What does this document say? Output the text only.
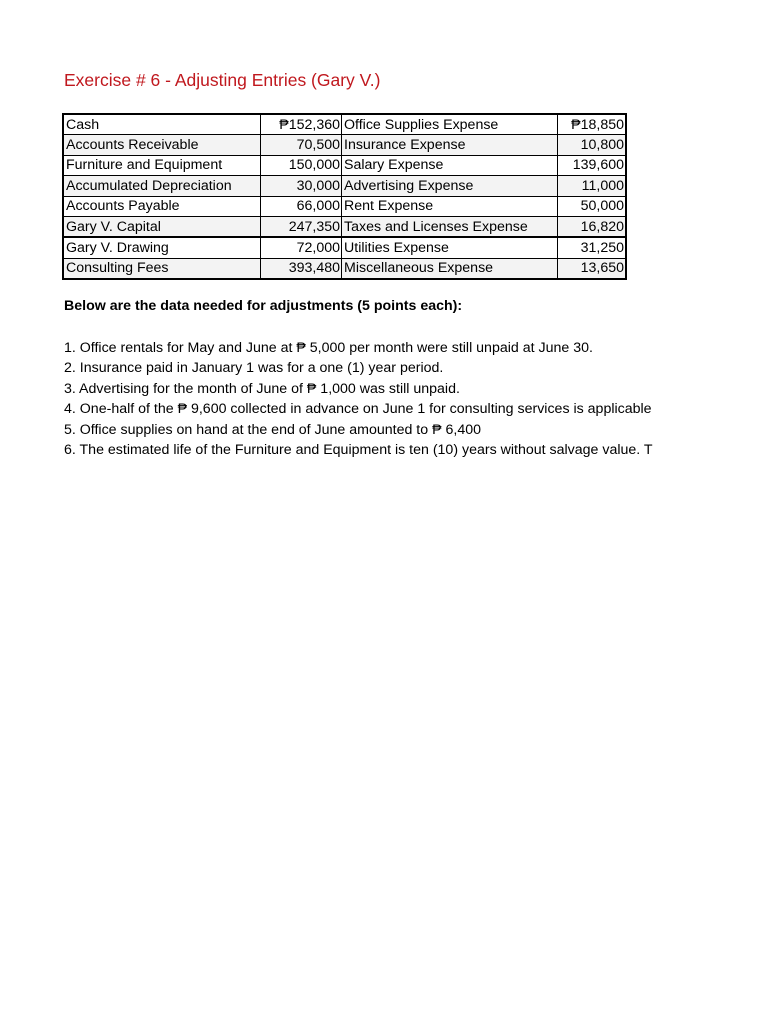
Exercise # 6 - Adjusting Entries (Gary V.)
Cash	₱152,360	Office Supplies Expense	₱18,850
Accounts Receivable	70,500	Insurance Expense	10,800
Furniture and Equipment	150,000	Salary Expense	139,600
Accumulated Depreciation	30,000	Advertising Expense	11,000
Accounts Payable	66,000	Rent Expense	50,000
Gary V. Capital	247,350	Taxes and Licenses Expense	16,820
Gary V. Drawing	72,000	Utilities Expense	31,250
Consulting Fees	393,480	Miscellaneous Expense	13,650
Below are the data needed for adjustments (5 points each):
1. Office rentals for May and June at ₱ 5,000 per month were still unpaid at June 30.
2. Insurance paid in January 1 was for a one (1) year period.
3. Advertising for the month of June of ₱ 1,000 was still unpaid.
4. One-half of the ₱ 9,600 collected in advance on June 1 for consulting services is applicable
5. Office supplies on hand at the end of June amounted to ₱ 6,400
6. The estimated life of the Furniture and Equipment is ten (10) years without salvage value. T
